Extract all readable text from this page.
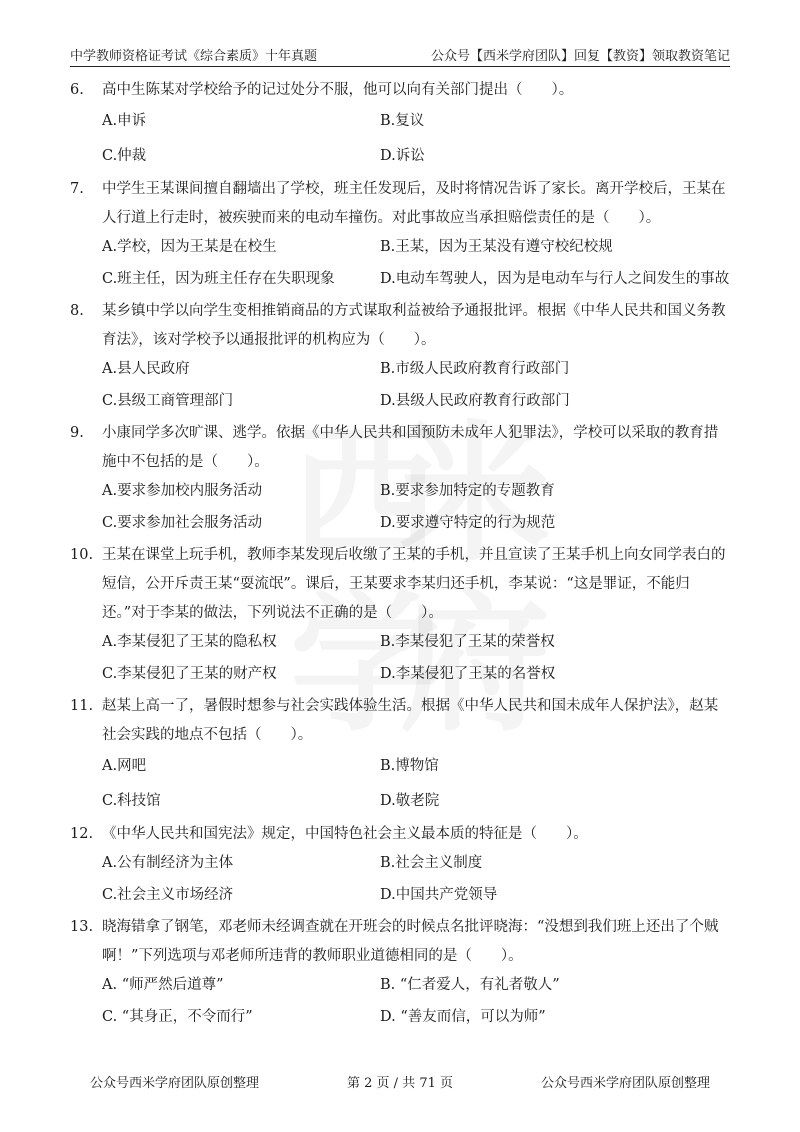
中学教师资格证考试《综合素质》十年真题	公众号【西米学府团队】回复【教资】领取教资笔记
6.	高中生陈某对学校给予的记过处分不服，他可以向有关部门提出（　　）。
A.申诉	B.复议
C.仲裁	D.诉讼
7.	中学生王某课间擅自翻墙出了学校，班主任发现后，及时将情况告诉了家长。离开学校后，王某在人行道上行走时，被疾驶而来的电动车撞伤。对此事故应当承担赔偿责任的是（　　）。
A.学校，因为王某是在校生	B.王某，因为王某没有遵守校纪校规
C.班主任，因为班主任存在失职现象	D.电动车驾驶人，因为是电动车与行人之间发生的事故
8.	某乡镇中学以向学生变相推销商品的方式谋取利益被给予通报批评。根据《中华人民共和国义务教育法》，该对学校予以通报批评的机构应为（　　）。
A.县人民政府	B.市级人民政府教育行政部门
C.县级工商管理部门	D.县级人民政府教育行政部门
9.	小康同学多次旷课、逃学。依据《中华人民共和国预防未成年人犯罪法》，学校可以采取的教育措施中不包括的是（　　）。
A.要求参加校内服务活动	B.要求参加特定的专题教育
C.要求参加社会服务活动	D.要求遵守特定的行为规范
10. 王某在课堂上玩手机，教师李某发现后收缴了王某的手机，并且宣读了王某手机上向女同学表白的短信，公开斥责王某“耍流氓”。课后，王某要求李某归还手机，李某说：“这是罪证，不能归还。”对于李某的做法，下列说法不正确的是（　　）。
A.李某侵犯了王某的隐私权	B.李某侵犯了王某的荣誉权
C.李某侵犯了王某的财产权	D.李某侵犯了王某的名誉权
11. 赵某上高一了，暑假时想参与社会实践体验生活。根据《中华人民共和国未成年人保护法》，赵某社会实践的地点不包括（　　）。
A.网吧	B.博物馆
C.科技馆	D.敬老院
12. 《中华人民共和国宪法》规定，中国特色社会主义最本质的特征是（　　）。
A.公有制经济为主体	B.社会主义制度
C.社会主义市场经济	D.中国共产党领导
13. 晓海错拿了钢笔，邓老师未经调查就在开班会的时候点名批评晓海：“没想到我们班上还出了个贼啊！”下列选项与邓老师所违背的教师职业道德相同的是（　　）。
A. “师严然后道尊”	B. “仁者爱人，有礼者敬人”
C. “其身正，不令而行”	D. “善友而信，可以为师”
公众号西米学府团队原创整理	第 2 页 / 共 71 页	公众号西米学府团队原创整理
